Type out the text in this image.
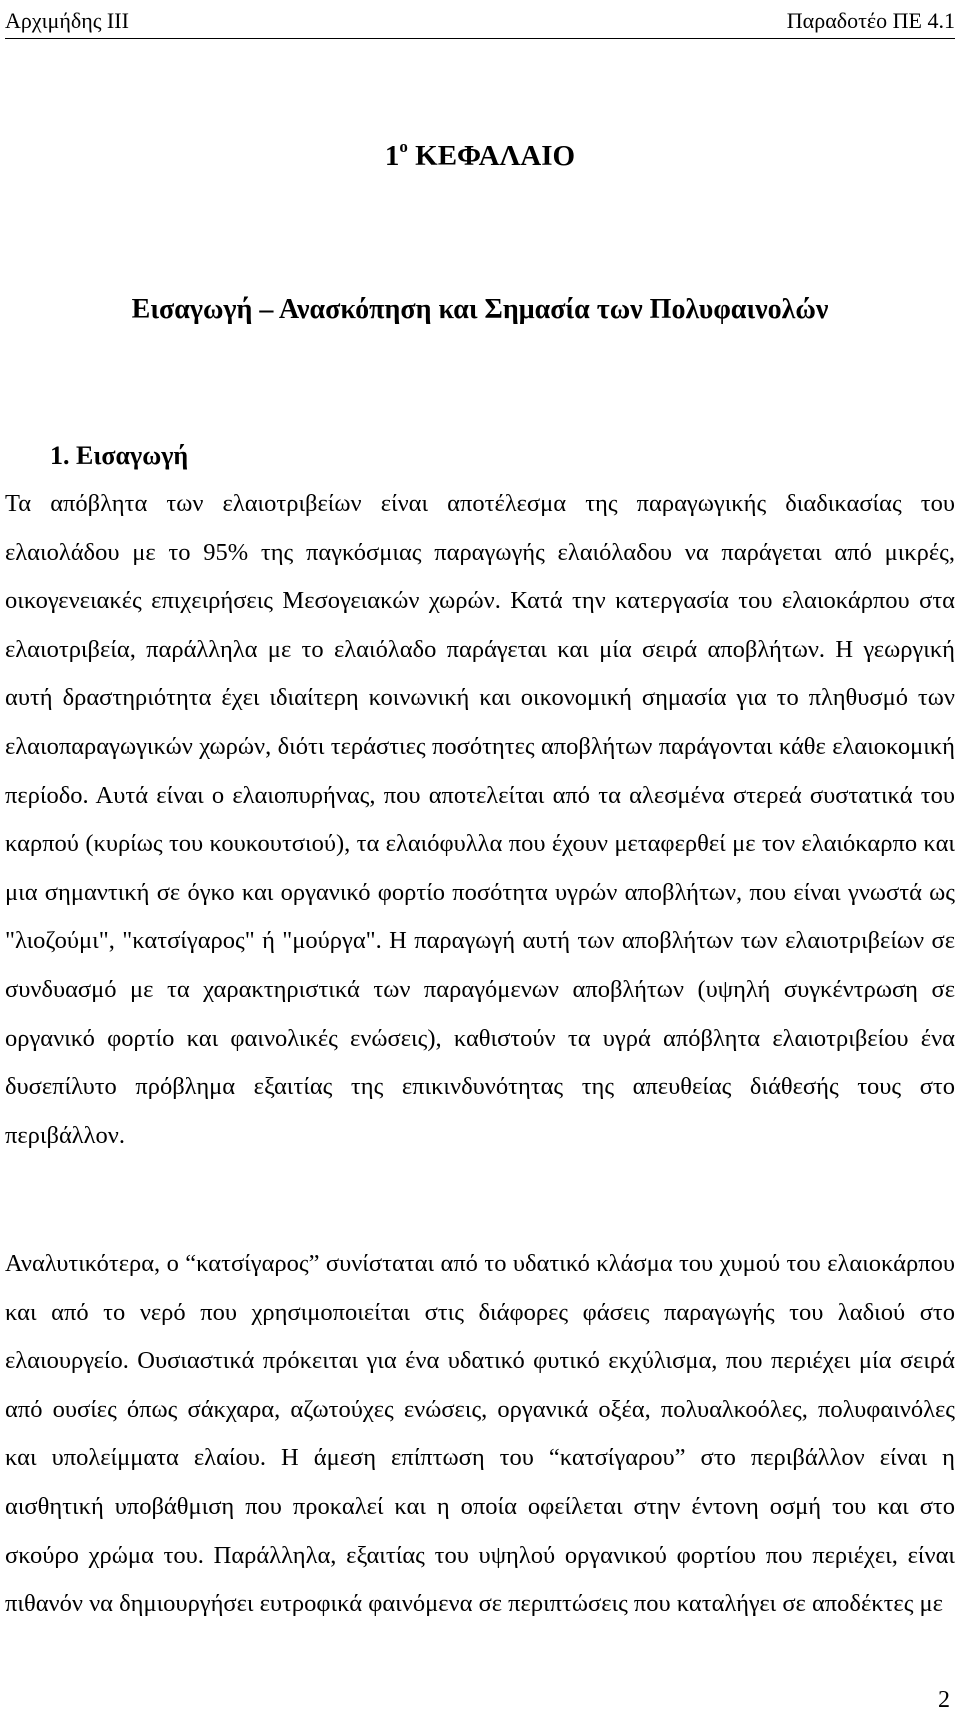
Αρχιμήδης ΙΙΙ	Παραδοτέο ΠΕ 4.1
$1^o$ ΚΕΦΑΛΑΙΟ
Εισαγωγή – Ανασκόπηση και Σημασία των Πολυφαινολών
1. Εισαγωγή

Τα απόβλητα των ελαιοτριβείων είναι αποτέλεσμα της παραγωγικής διαδικασίας του ελαιολάδου με το 95% της παγκόσμιας παραγωγής ελαιόλαδου να παράγεται από μικρές, οικογενειακές επιχειρήσεις Μεσογειακών χωρών. Κατά την κατεργασία του ελαιοκάρπου στα ελαιοτριβεία, παράλληλα με το ελαιόλαδο παράγεται και μία σειρά αποβλήτων. Η γεωργική αυτή δραστηριότητα έχει ιδιαίτερη κοινωνική και οικονομική σημασία για το πληθυσμό των ελαιοπαραγωγικών χωρών, διότι τεράστιες ποσότητες αποβλήτων παράγονται κάθε ελαιοκομική περίοδο. Αυτά είναι ο ελαιοπυρήνας, που αποτελείται από τα αλεσμένα στερεά συστατικά του καρπού (κυρίως του κουκουτσιού), τα ελαιόφυλλα που έχουν μεταφερθεί με τον ελαιόκαρπο και μια σημαντική σε όγκο και οργανικό φορτίο ποσότητα υγρών αποβλήτων, που είναι γνωστά ως "λιοζούμι", "κατσίγαρος" ή "μούργα". Η παραγωγή αυτή των αποβλήτων των ελαιοτριβείων σε συνδυασμό με τα χαρακτηριστικά των παραγόμενων αποβλήτων (υψηλή συγκέντρωση σε οργανικό φορτίο και φαινολικές ενώσεις), καθιστούν τα υγρά απόβλητα ελαιοτριβείου ένα δυσεπίλυτο πρόβλημα εξαιτίας της επικινδυνότητας της απευθείας διάθεσής τους στο περιβάλλον.

Αναλυτικότερα, ο “κατσίγαρος” συνίσταται από το υδατικό κλάσμα του χυμού του ελαιοκάρπου και από το νερό που χρησιμοποιείται στις διάφορες φάσεις παραγωγής του λαδιού στο ελαιουργείο. Ουσιαστικά πρόκειται για ένα υδατικό φυτικό εκχύλισμα, που περιέχει μία σειρά από ουσίες όπως σάκχαρα, αζωτούχες ενώσεις, οργανικά οξέα, πολυαλκοόλες, πολυφαινόλες και υπολείμματα ελαίου. Η άμεση επίπτωση του “κατσίγαρου” στο περιβάλλον είναι η αισθητική υποβάθμιση που προκαλεί και η οποία οφείλεται στην έντονη οσμή του και στο σκούρο χρώμα του. Παράλληλα, εξαιτίας του υψηλού οργανικού φορτίου που περιέχει, είναι πιθανόν να δημιουργήσει ευτροφικά φαινόμενα σε περιπτώσεις που καταλήγει σε αποδέκτες με

2
